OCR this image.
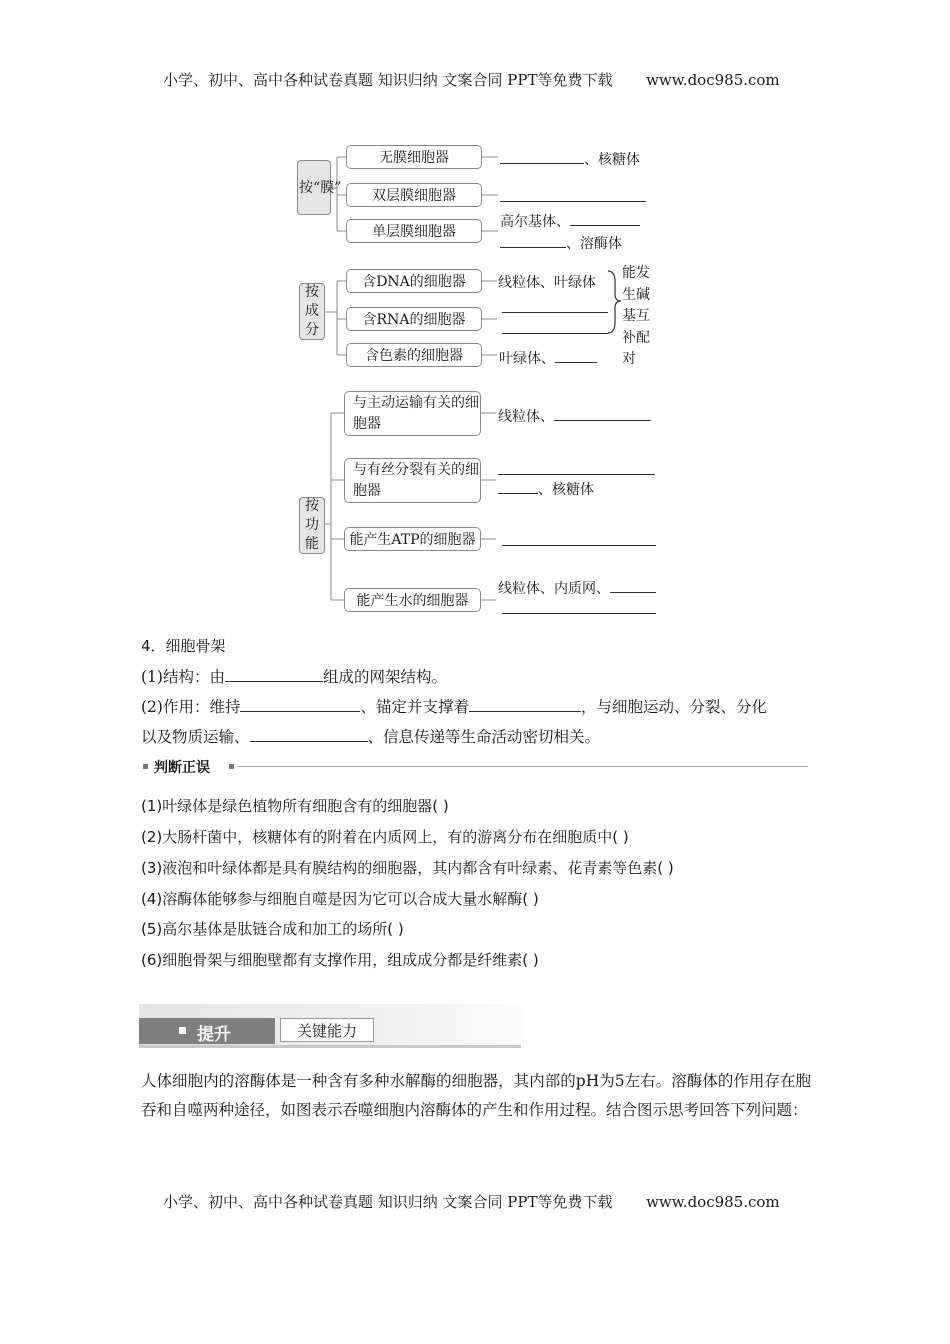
小学、初中、高中各种试卷真题 知识归纳 文案合同 PPT等免费下载 www.doc985.com
按“膜”
按成分
按功能
无膜细胞器
双层膜细胞器
单层膜细胞器
、核糖体
高尔基体、
、溶酶体
含DNA的细胞器
含RNA的细胞器
含色素的细胞器
线粒体、叶绿体
叶绿体、
能发生碱基互补配对
与主动运输有关的细胞器
与有丝分裂有关的细胞器
能产生ATP的细胞器
能产生水的细胞器
线粒体、
、核糖体
线粒体、内质网、
4．细胞骨架
(1)结构：由	组成的网架结构。
(2)作用：维持	、锚定并支撑着	，与细胞运动、分裂、分化
以及物质运输、	、信息传递等生命活动密切相关。
判断正误
(1)叶绿体是绿色植物所有细胞含有的细胞器( )
(2)大肠杆菌中，核糖体有的附着在内质网上，有的游离分布在细胞质中( )
(3)液泡和叶绿体都是具有膜结构的细胞器，其内都含有叶绿素、花青素等色素( )
(4)溶酶体能够参与细胞自噬是因为它可以合成大量水解酶( )
(5)高尔基体是肽链合成和加工的场所( )
(6)细胞骨架与细胞壁都有支撑作用，组成成分都是纤维素( )
提升	关键能力
人体细胞内的溶酶体是一种含有多种水解酶的细胞器，其内部的pH为5左右。溶酶体的作用存在胞吞和自噬两种途径，如图表示吞噬细胞内溶酶体的产生和作用过程。结合图示思考回答下列问题：
小学、初中、高中各种试卷真题 知识归纳 文案合同 PPT等免费下载 www.doc985.com
